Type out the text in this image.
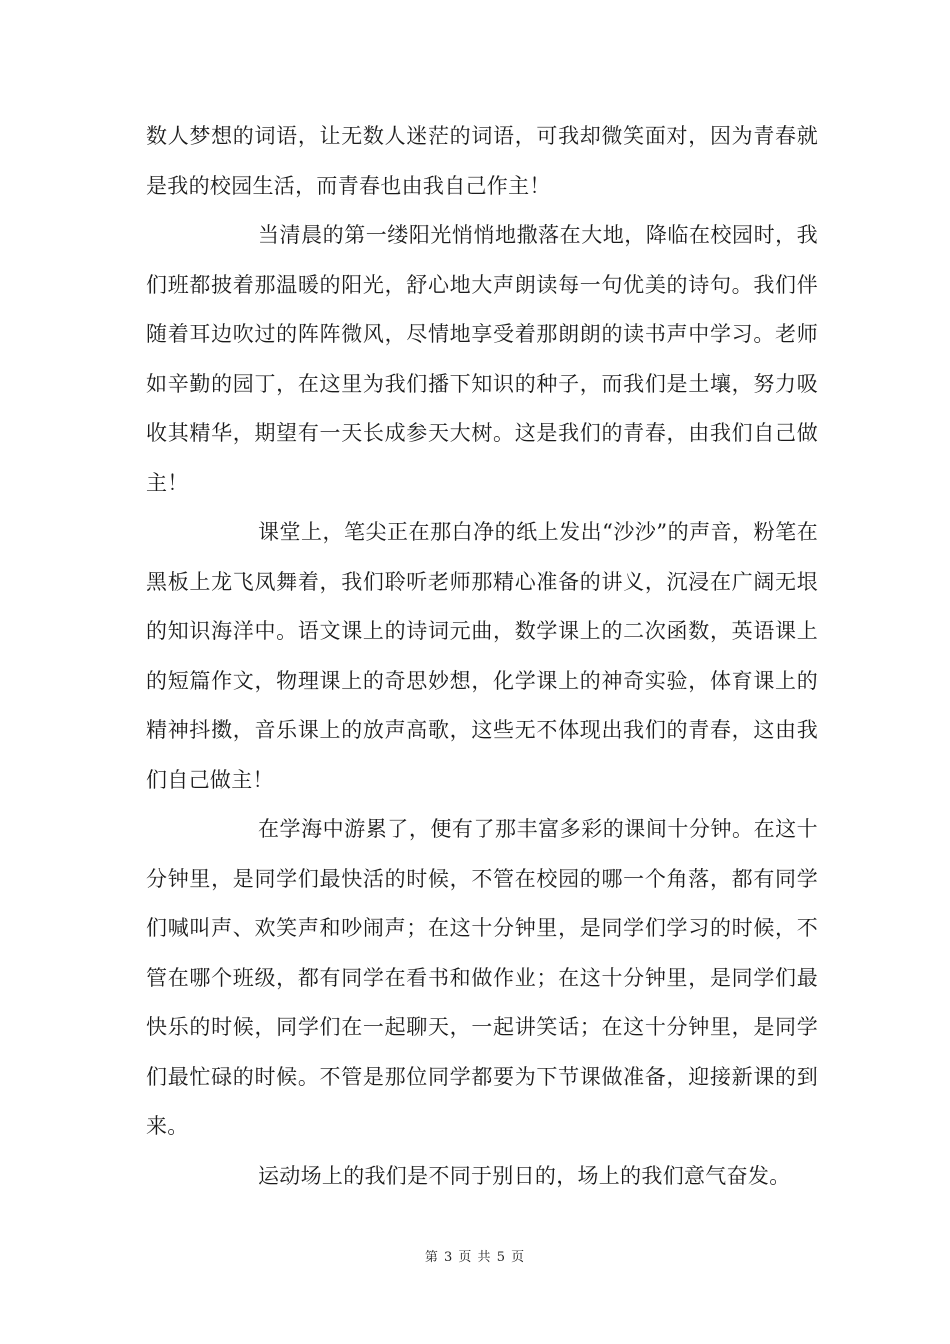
数人梦想的词语，让无数人迷茫的词语，可我却微笑面对，因为青春就是我的校园生活，而青春也由我自己作主！

当清晨的第一缕阳光悄悄地撒落在大地，降临在校园时，我们班都披着那温暖的阳光，舒心地大声朗读每一句优美的诗句。我们伴随着耳边吹过的阵阵微风，尽情地享受着那朗朗的读书声中学习。老师如辛勤的园丁，在这里为我们播下知识的种子，而我们是土壤，努力吸收其精华，期望有一天长成参天大树。这是我们的青春，由我们自己做主！

课堂上，笔尖正在那白净的纸上发出“沙沙”的声音，粉笔在黑板上龙飞凤舞着，我们聆听老师那精心准备的讲义，沉浸在广阔无垠的知识海洋中。语文课上的诗词元曲，数学课上的二次函数，英语课上的短篇作文，物理课上的奇思妙想，化学课上的神奇实验，体育课上的精神抖擞，音乐课上的放声高歌，这些无不体现出我们的青春，这由我们自己做主！

在学海中游累了，便有了那丰富多彩的课间十分钟。在这十分钟里，是同学们最快活的时候，不管在校园的哪一个角落，都有同学们喊叫声、欢笑声和吵闹声；在这十分钟里，是同学们学习的时候，不管在哪个班级，都有同学在看书和做作业；在这十分钟里，是同学们最快乐的时候，同学们在一起聊天，一起讲笑话；在这十分钟里，是同学们最忙碌的时候。不管是那位同学都要为下节课做准备，迎接新课的到来。

运动场上的我们是不同于别日的，场上的我们意气奋发。

第 3 页 共 5 页
